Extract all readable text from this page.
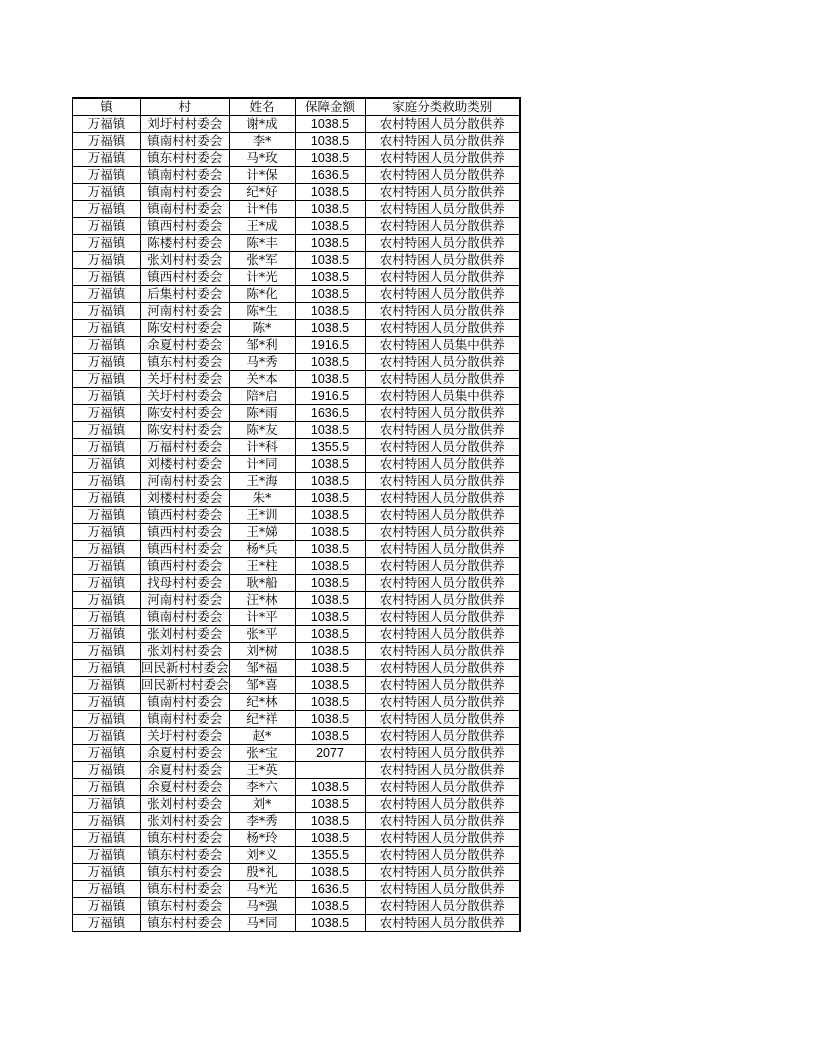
镇	村	姓名	保障金额	家庭分类救助类别
万福镇	刘圩村村委会	谢*成	1038.5	农村特困人员分散供养
万福镇	镇南村村委会	李*	1038.5	农村特困人员分散供养
万福镇	镇东村村委会	马*玫	1038.5	农村特困人员分散供养
万福镇	镇南村村委会	计*保	1636.5	农村特困人员分散供养
万福镇	镇南村村委会	纪*好	1038.5	农村特困人员分散供养
万福镇	镇南村村委会	计*伟	1038.5	农村特困人员分散供养
万福镇	镇西村村委会	王*成	1038.5	农村特困人员分散供养
万福镇	陈楼村村委会	陈*丰	1038.5	农村特困人员分散供养
万福镇	张刘村村委会	张*军	1038.5	农村特困人员分散供养
万福镇	镇西村村委会	计*光	1038.5	农村特困人员分散供养
万福镇	后集村村委会	陈*化	1038.5	农村特困人员分散供养
万福镇	河南村村委会	陈*生	1038.5	农村特困人员分散供养
万福镇	陈安村村委会	陈*	1038.5	农村特困人员分散供养
万福镇	余夏村村委会	邹*利	1916.5	农村特困人员集中供养
万福镇	镇东村村委会	马*秀	1038.5	农村特困人员分散供养
万福镇	关圩村村委会	关*本	1038.5	农村特困人员分散供养
万福镇	关圩村村委会	陪*启	1916.5	农村特困人员集中供养
万福镇	陈安村村委会	陈*雨	1636.5	农村特困人员分散供养
万福镇	陈安村村委会	陈*友	1038.5	农村特困人员分散供养
万福镇	万福村村委会	计*科	1355.5	农村特困人员分散供养
万福镇	刘楼村村委会	计*同	1038.5	农村特困人员分散供养
万福镇	河南村村委会	王*海	1038.5	农村特困人员分散供养
万福镇	刘楼村村委会	朱*	1038.5	农村特困人员分散供养
万福镇	镇西村村委会	王*训	1038.5	农村特困人员分散供养
万福镇	镇西村村委会	王*娣	1038.5	农村特困人员分散供养
万福镇	镇西村村委会	杨*兵	1038.5	农村特困人员分散供养
万福镇	镇西村村委会	王*柱	1038.5	农村特困人员分散供养
万福镇	找母村村委会	耿*船	1038.5	农村特困人员分散供养
万福镇	河南村村委会	汪*林	1038.5	农村特困人员分散供养
万福镇	镇南村村委会	计*平	1038.5	农村特困人员分散供养
万福镇	张刘村村委会	张*平	1038.5	农村特困人员分散供养
万福镇	张刘村村委会	刘*树	1038.5	农村特困人员分散供养
万福镇	回民新村村委会	邹*福	1038.5	农村特困人员分散供养
万福镇	回民新村村委会	邹*喜	1038.5	农村特困人员分散供养
万福镇	镇南村村委会	纪*林	1038.5	农村特困人员分散供养
万福镇	镇南村村委会	纪*祥	1038.5	农村特困人员分散供养
万福镇	关圩村村委会	赵*	1038.5	农村特困人员分散供养
万福镇	余夏村村委会	张*宝	2077	农村特困人员分散供养
万福镇	余夏村村委会	王*英		农村特困人员分散供养
万福镇	余夏村村委会	李*六	1038.5	农村特困人员分散供养
万福镇	张刘村村委会	刘*	1038.5	农村特困人员分散供养
万福镇	张刘村村委会	李*秀	1038.5	农村特困人员分散供养
万福镇	镇东村村委会	杨*玲	1038.5	农村特困人员分散供养
万福镇	镇东村村委会	刘*义	1355.5	农村特困人员分散供养
万福镇	镇东村村委会	殷*礼	1038.5	农村特困人员分散供养
万福镇	镇东村村委会	马*光	1636.5	农村特困人员分散供养
万福镇	镇东村村委会	马*强	1038.5	农村特困人员分散供养
万福镇	镇东村村委会	马*同	1038.5	农村特困人员分散供养
